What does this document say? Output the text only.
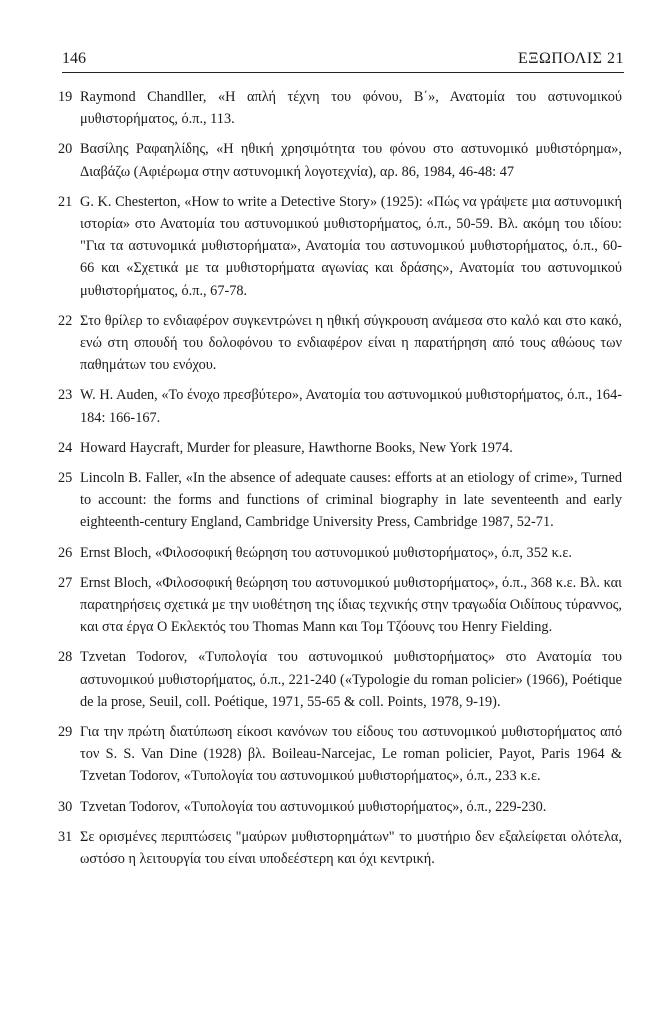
146	ΕΞΩΠΟΛΙΣ 21
19 Raymond Chandller, «Η απλή τέχνη του φόνου, Β΄», Ανατομία του αστυνομικού μυθιστορήματος, ό.π., 113.
20 Βασίλης Ραφαηλίδης, «Η ηθική χρησιμότητα του φόνου στο αστυνομικό μυθιστόρημα», Διαβάζω (Αφιέρωμα στην αστυνομική λογοτεχνία), αρ. 86, 1984, 46-48: 47
21 G. K. Chesterton, «How to write a Detective Story» (1925): «Πώς να γράψετε μια αστυνομική ιστορία» στο Ανατομία του αστυνομικού μυθιστορήματος, ό.π., 50-59. Βλ. ακόμη του ιδίου: "Για τα αστυνομικά μυθιστορήματα», Ανατομία του αστυνομικού μυθιστορήματος, ό.π., 60-66 και «Σχετικά με τα μυθιστορήματα αγωνίας και δράσης», Ανατομία του αστυνομικού μυθιστορήματος, ό.π., 67-78.
22 Στο θρίλερ το ενδιαφέρον συγκεντρώνει η ηθική σύγκρουση ανάμεσα στο καλό και στο κακό, ενώ στη σπουδή του δολοφόνου το ενδιαφέρον είναι η παρατήρηση από τους αθώους των παθημάτων του ενόχου.
23 W. H. Auden, «Το ένοχο πρεσβύτερο», Ανατομία του αστυνομικού μυθιστορήματος, ό.π., 164-184: 166-167.
24 Howard Haycraft, Murder for pleasure, Hawthorne Books, New York 1974.
25 Lincoln B. Faller, «In the absence of adequate causes: efforts at an etiology of crime», Turned to account: the forms and functions of criminal biography in late seventeenth and early eighteenth-century England, Cambridge University Press, Cambridge 1987, 52-71.
26 Ernst Bloch, «Φιλοσοφική θεώρηση του αστυνομικού μυθιστορήματος», ό.π, 352 κ.ε.
27 Ernst Bloch, «Φιλοσοφική θεώρηση του αστυνομικού μυθιστορήματος», ό.π., 368 κ.ε. Βλ. και παρατηρήσεις σχετικά με την υιοθέτηση της ίδιας τεχνικής στην τραγωδία Οιδίπους τύραννος, και στα έργα Ο Εκλεκτός του Thomas Mann και Τομ Τζόουνς του Henry Fielding.
28 Tzvetan Todorov, «Τυπολογία του αστυνομικού μυθιστορήματος» στο Ανατομία του αστυνομικού μυθιστορήματος, ό.π., 221-240 («Typologie du roman policier» (1966), Poétique de la prose, Seuil, coll. Poétique, 1971, 55-65 & coll. Points, 1978, 9-19).
29 Για την πρώτη διατύπωση είκοσι κανόνων του είδους του αστυνομικού μυθιστορήματος από τον S. S. Van Dine (1928) βλ. Boileau-Narcejac, Le roman policier, Payot, Paris 1964 & Tzvetan Todorov, «Τυπολογία του αστυνομικού μυθιστορήματος», ό.π., 233 κ.ε.
30 Tzvetan Todorov, «Τυπολογία του αστυνομικού μυθιστορήματος», ό.π., 229-230.
31 Σε ορισμένες περιπτώσεις "μαύρων μυθιστορημάτων" το μυστήριο δεν εξαλείφεται ολότελα, ωστόσο η λειτουργία του είναι υποδεέστερη και όχι κεντρική.
